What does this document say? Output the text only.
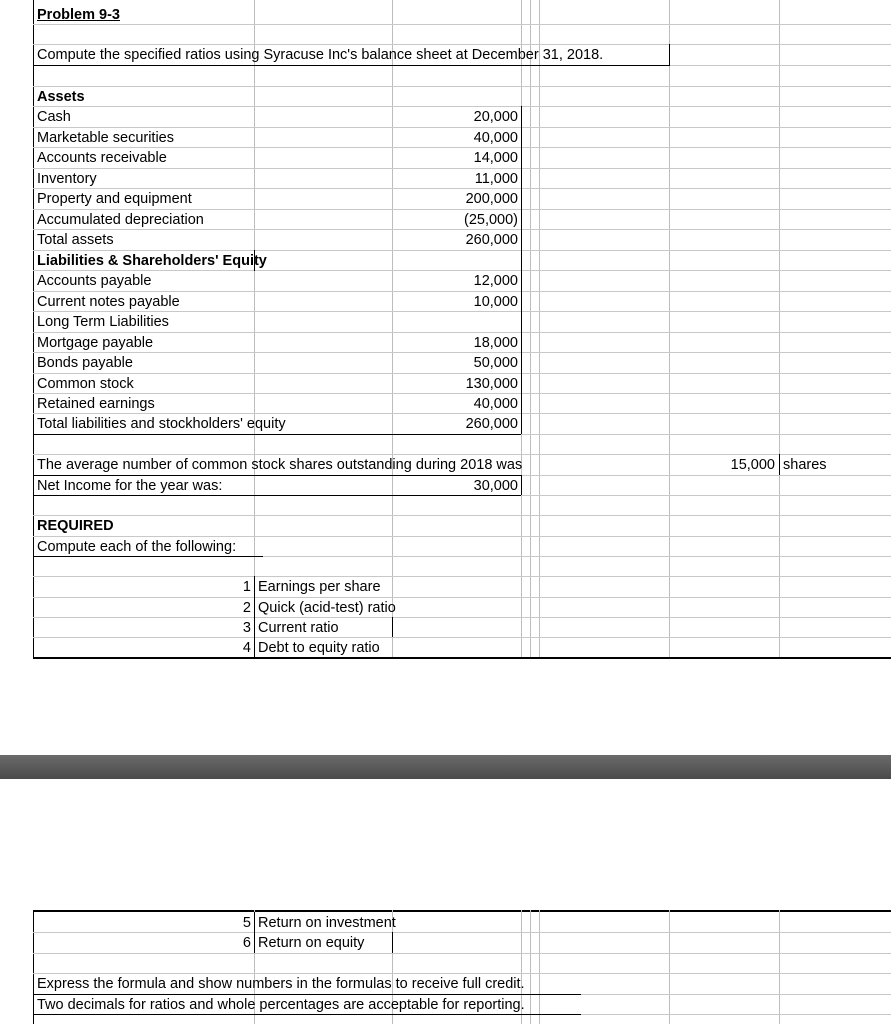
Problem 9-3
Compute the specified ratios using Syracuse Inc's balance sheet at December 31, 2018.
Assets
Cash	20,000
Marketable securities	40,000
Accounts receivable	14,000
Inventory	11,000
Property and equipment	200,000
Accumulated depreciation	(25,000)
Total assets	260,000
Liabilities & Shareholders' Equity
Accounts payable	12,000
Current notes payable	10,000
Long Term Liabilities
Mortgage payable	18,000
Bonds payable	50,000
Common stock	130,000
Retained earnings	40,000
Total liabilities and stockholders' equity	260,000
The average number of common stock shares outstanding during 2018 was	15,000 shares
Net Income for the year was:	30,000
REQUIRED
Compute each of the following:
1 Earnings per share
2 Quick (acid-test) ratio
3 Current ratio
4 Debt to equity ratio
5 Return on investment
6 Return on equity
Express the formula and show numbers in the formulas to receive full credit.
Two decimals for ratios and whole percentages are acceptable for reporting.
